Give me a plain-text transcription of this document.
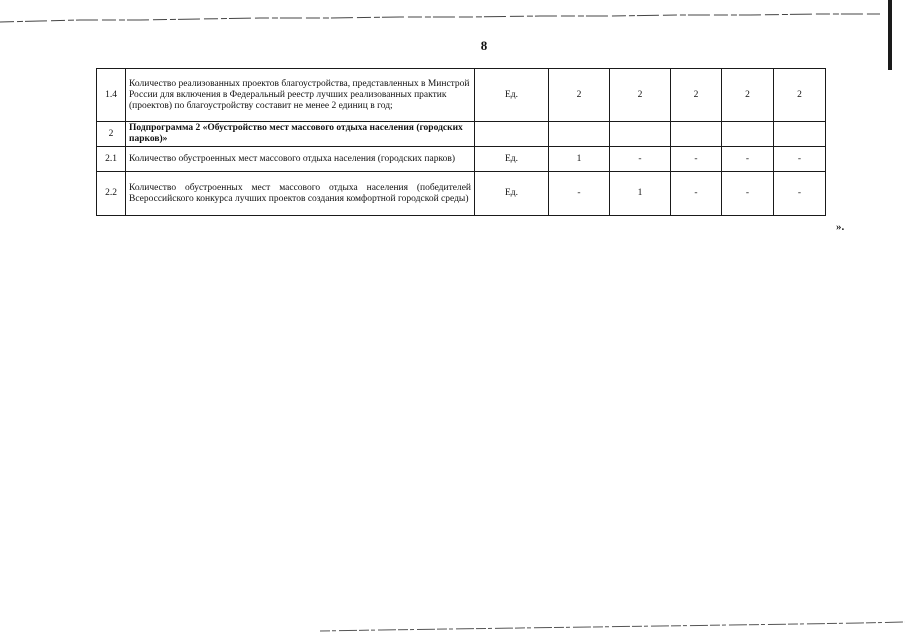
8
1.4	Количество реализованных проектов благоустройства, представленных в Минстрой России для включения в Федеральный реестр лучших реализованных практик (проектов) по благоустройству составит не менее 2 единиц в год;	Ед.	2	2	2	2	2
2	Подпрограмма 2 «Обустройство мест массового отдыха населения (городских парков)»						
2.1	Количество обустроенных мест массового отдыха населения (городских парков)	Ед.	1	-	-	-	-
2.2	Количество обустроенных мест массового отдыха населения (победителей Всероссийского конкурса лучших проектов создания комфортной городской среды)	Ед.	-	1	-	-	-
».
